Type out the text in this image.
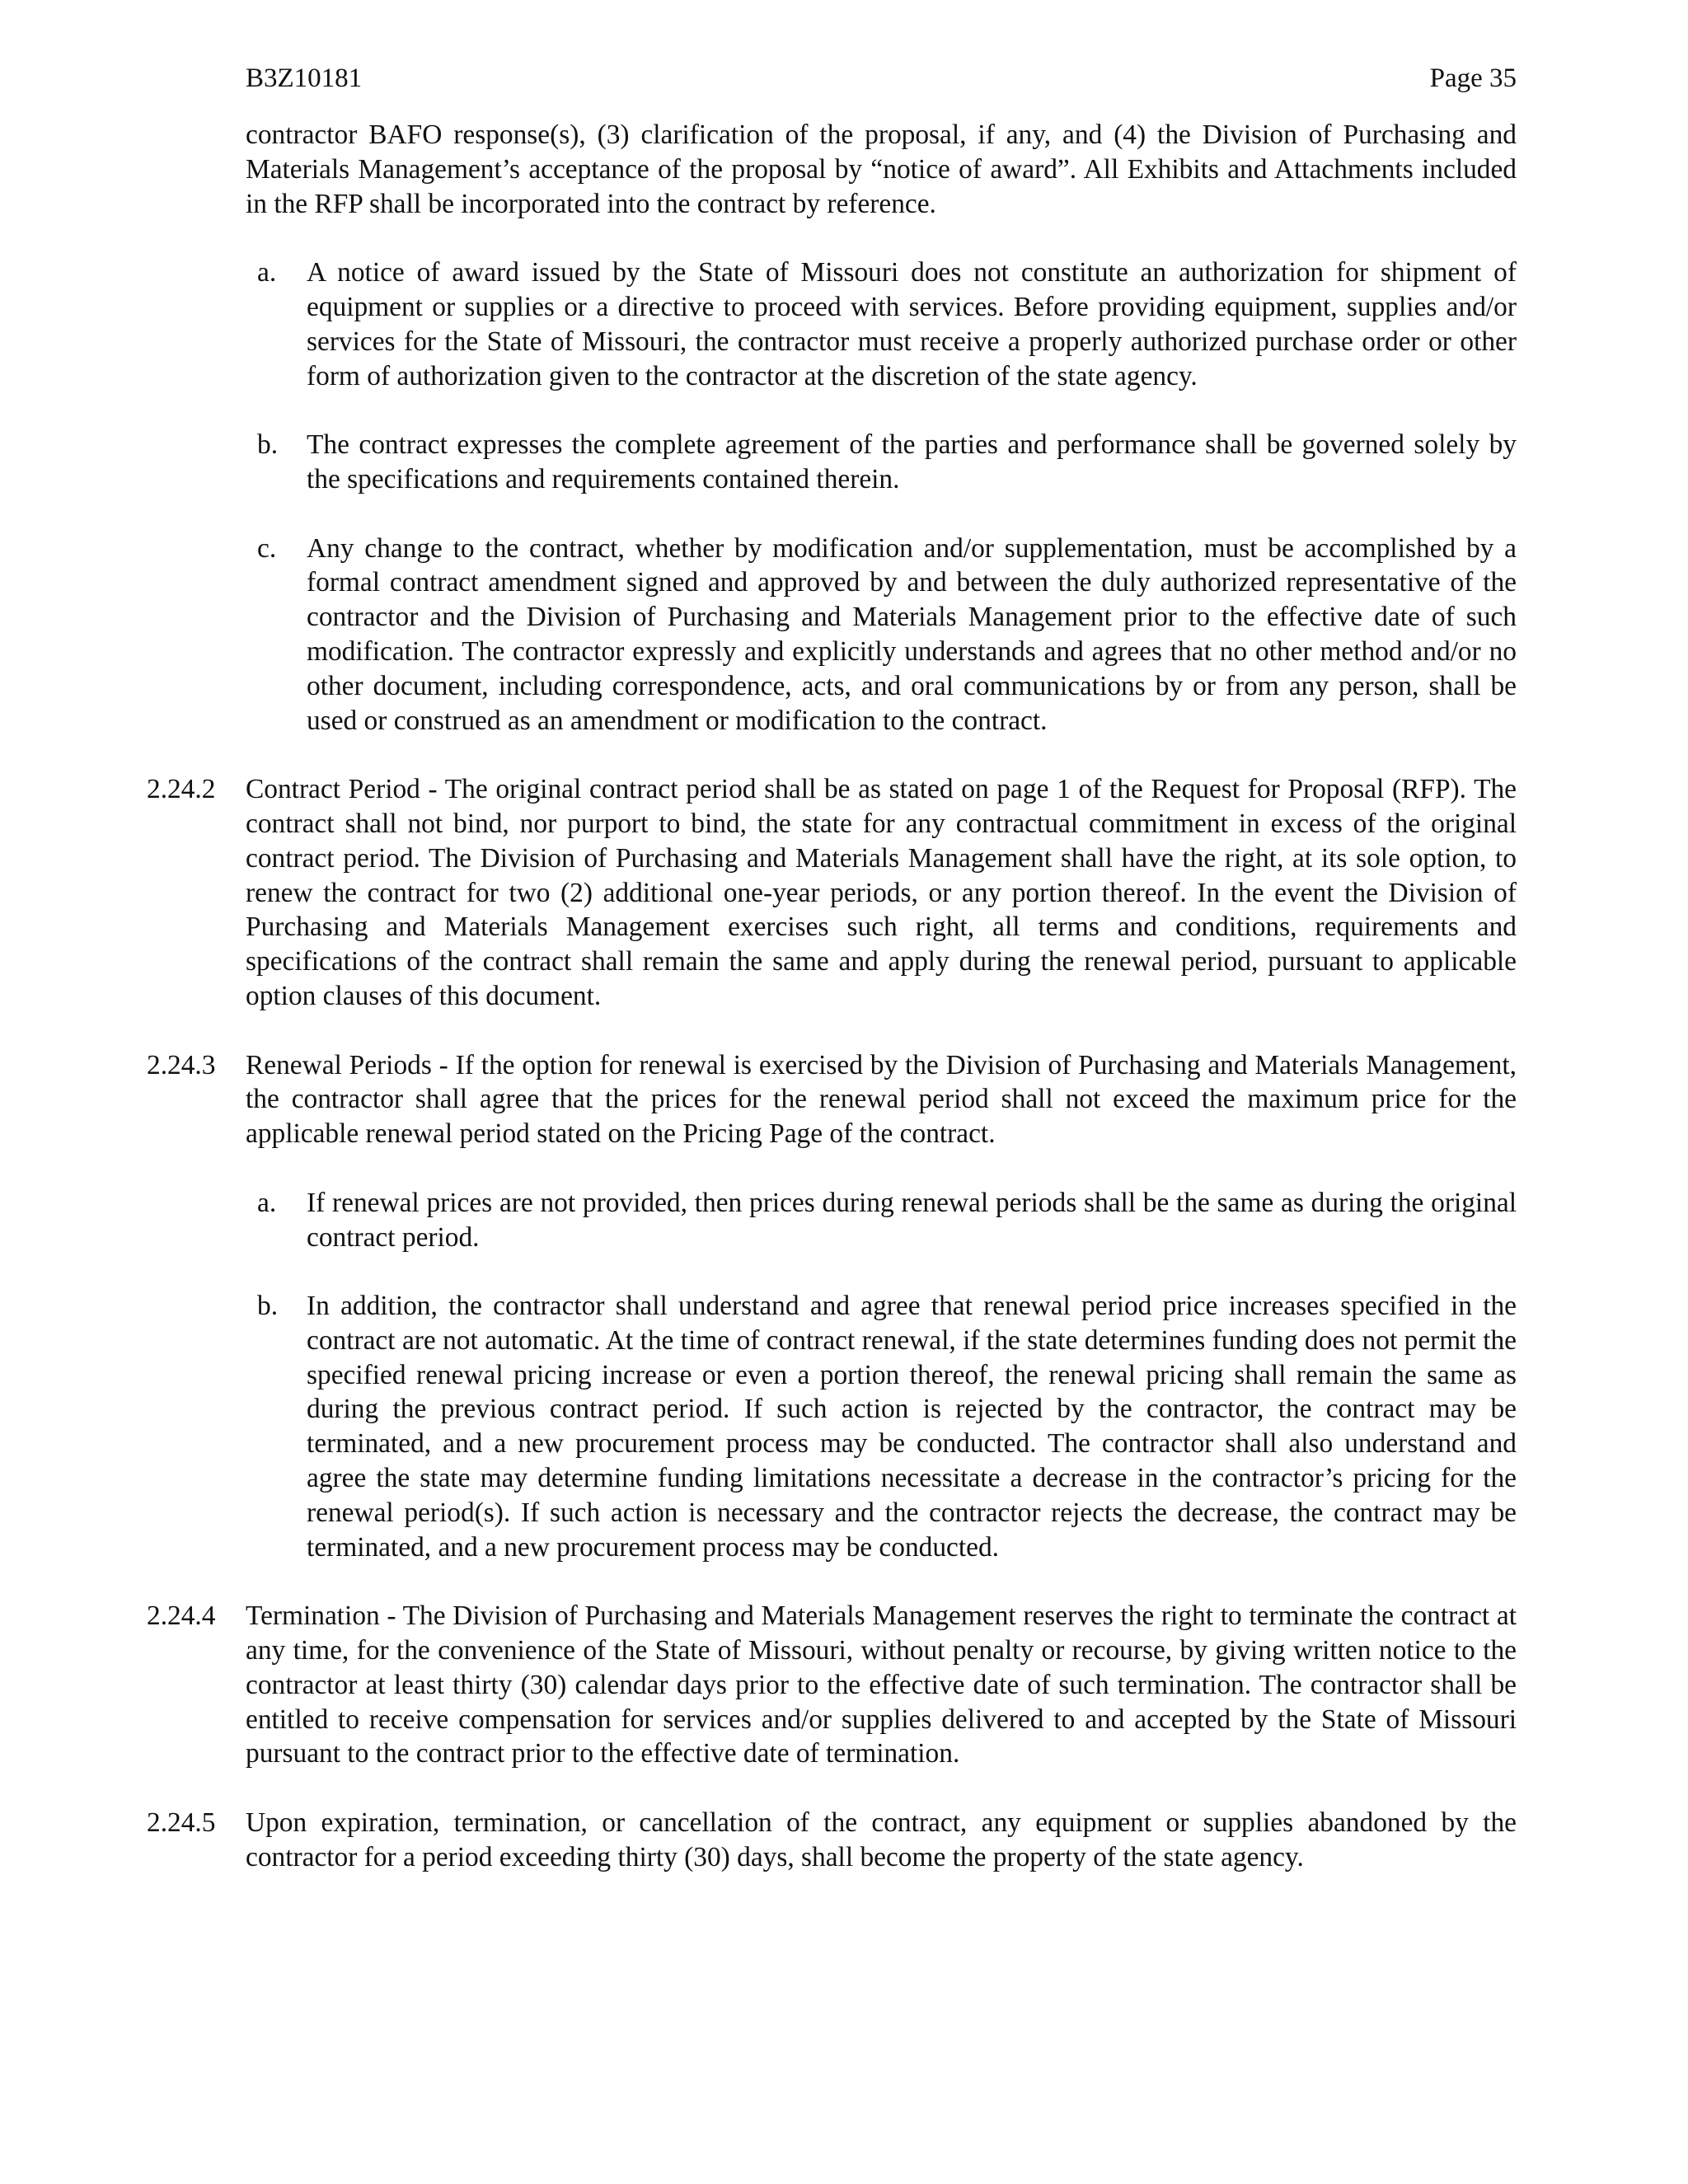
B3Z10181	Page 35

contractor BAFO response(s), (3) clarification of the proposal, if any, and (4) the Division of Purchasing and Materials Management’s acceptance of the proposal by “notice of award”. All Exhibits and Attachments included in the RFP shall be incorporated into the contract by reference.

a. A notice of award issued by the State of Missouri does not constitute an authorization for shipment of equipment or supplies or a directive to proceed with services. Before providing equipment, supplies and/or services for the State of Missouri, the contractor must receive a properly authorized purchase order or other form of authorization given to the contractor at the discretion of the state agency.

b. The contract expresses the complete agreement of the parties and performance shall be governed solely by the specifications and requirements contained therein.

c. Any change to the contract, whether by modification and/or supplementation, must be accomplished by a formal contract amendment signed and approved by and between the duly authorized representative of the contractor and the Division of Purchasing and Materials Management prior to the effective date of such modification. The contractor expressly and explicitly understands and agrees that no other method and/or no other document, including correspondence, acts, and oral communications by or from any person, shall be used or construed as an amendment or modification to the contract.

2.24.2 Contract Period - The original contract period shall be as stated on page 1 of the Request for Proposal (RFP). The contract shall not bind, nor purport to bind, the state for any contractual commitment in excess of the original contract period. The Division of Purchasing and Materials Management shall have the right, at its sole option, to renew the contract for two (2) additional one-year periods, or any portion thereof. In the event the Division of Purchasing and Materials Management exercises such right, all terms and conditions, requirements and specifications of the contract shall remain the same and apply during the renewal period, pursuant to applicable option clauses of this document.

2.24.3 Renewal Periods - If the option for renewal is exercised by the Division of Purchasing and Materials Management, the contractor shall agree that the prices for the renewal period shall not exceed the maximum price for the applicable renewal period stated on the Pricing Page of the contract.

a. If renewal prices are not provided, then prices during renewal periods shall be the same as during the original contract period.

b. In addition, the contractor shall understand and agree that renewal period price increases specified in the contract are not automatic. At the time of contract renewal, if the state determines funding does not permit the specified renewal pricing increase or even a portion thereof, the renewal pricing shall remain the same as during the previous contract period. If such action is rejected by the contractor, the contract may be terminated, and a new procurement process may be conducted. The contractor shall also understand and agree the state may determine funding limitations necessitate a decrease in the contractor’s pricing for the renewal period(s). If such action is necessary and the contractor rejects the decrease, the contract may be terminated, and a new procurement process may be conducted.

2.24.4 Termination - The Division of Purchasing and Materials Management reserves the right to terminate the contract at any time, for the convenience of the State of Missouri, without penalty or recourse, by giving written notice to the contractor at least thirty (30) calendar days prior to the effective date of such termination. The contractor shall be entitled to receive compensation for services and/or supplies delivered to and accepted by the State of Missouri pursuant to the contract prior to the effective date of termination.

2.24.5 Upon expiration, termination, or cancellation of the contract, any equipment or supplies abandoned by the contractor for a period exceeding thirty (30) days, shall become the property of the state agency.
